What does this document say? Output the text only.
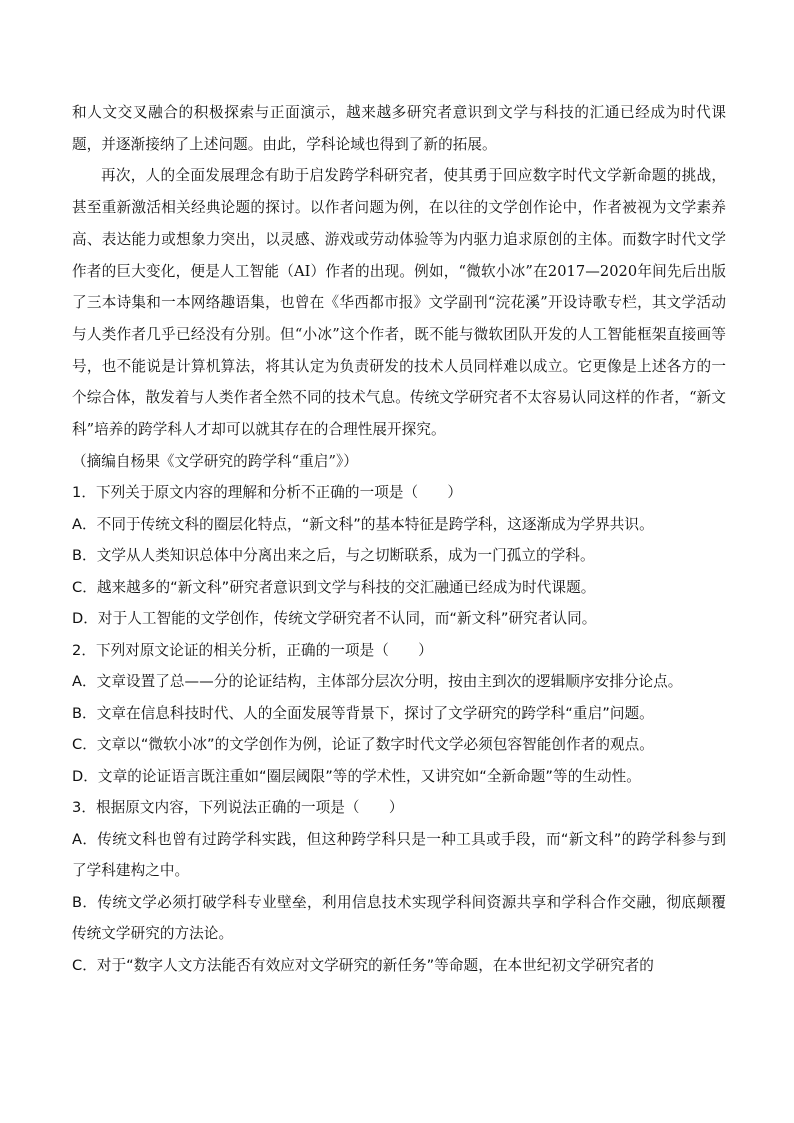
和人文交叉融合的积极探索与正面演示，越来越多研究者意识到文学与科技的汇通已经成为时代课题，并逐渐接纳了上述问题。由此，学科论域也得到了新的拓展。

再次，人的全面发展理念有助于启发跨学科研究者，使其勇于回应数字时代文学新命题的挑战，甚至重新激活相关经典论题的探讨。以作者问题为例，在以往的文学创作论中，作者被视为文学素养高、表达能力或想象力突出，以灵感、游戏或劳动体验等为内驱力追求原创的主体。而数字时代文学作者的巨大变化，便是人工智能（AI）作者的出现。例如，“微软小冰”在2017—2020年间先后出版了三本诗集和一本网络趣语集，也曾在《华西都市报》文学副刊“浣花溪”开设诗歌专栏，其文学活动与人类作者几乎已经没有分别。但“小冰”这个作者，既不能与微软团队开发的人工智能框架直接画等号，也不能说是计算机算法，将其认定为负责研发的技术人员同样难以成立。它更像是上述各方的一个综合体，散发着与人类作者全然不同的技术气息。传统文学研究者不太容易认同这样的作者，“新文科”培养的跨学科人才却可以就其存在的合理性展开探究。

（摘编自杨果《文学研究的跨学科“重启”》）

1．下列关于原文内容的理解和分析不正确的一项是（　　）

A．不同于传统文科的圈层化特点，“新文科”的基本特征是跨学科，这逐渐成为学界共识。

B．文学从人类知识总体中分离出来之后，与之切断联系，成为一门孤立的学科。

C．越来越多的“新文科”研究者意识到文学与科技的交汇融通已经成为时代课题。

D．对于人工智能的文学创作，传统文学研究者不认同，而“新文科”研究者认同。

2．下列对原文论证的相关分析，正确的一项是（　　）

A．文章设置了总——分的论证结构，主体部分层次分明，按由主到次的逻辑顺序安排分论点。

B．文章在信息科技时代、人的全面发展等背景下，探讨了文学研究的跨学科“重启”问题。

C．文章以“微软小冰”的文学创作为例，论证了数字时代文学必须包容智能创作者的观点。

D．文章的论证语言既注重如“圈层阈限”等的学术性，又讲究如“全新命题”等的生动性。

3．根据原文内容，下列说法正确的一项是（　　）

A．传统文科也曾有过跨学科实践，但这种跨学科只是一种工具或手段，而“新文科”的跨学科参与到了学科建构之中。

B．传统文学必须打破学科专业壁垒，利用信息技术实现学科间资源共享和学科合作交融，彻底颠覆传统文学研究的方法论。

C．对于“数字人文方法能否有效应对文学研究的新任务”等命题，在本世纪初文学研究者的
